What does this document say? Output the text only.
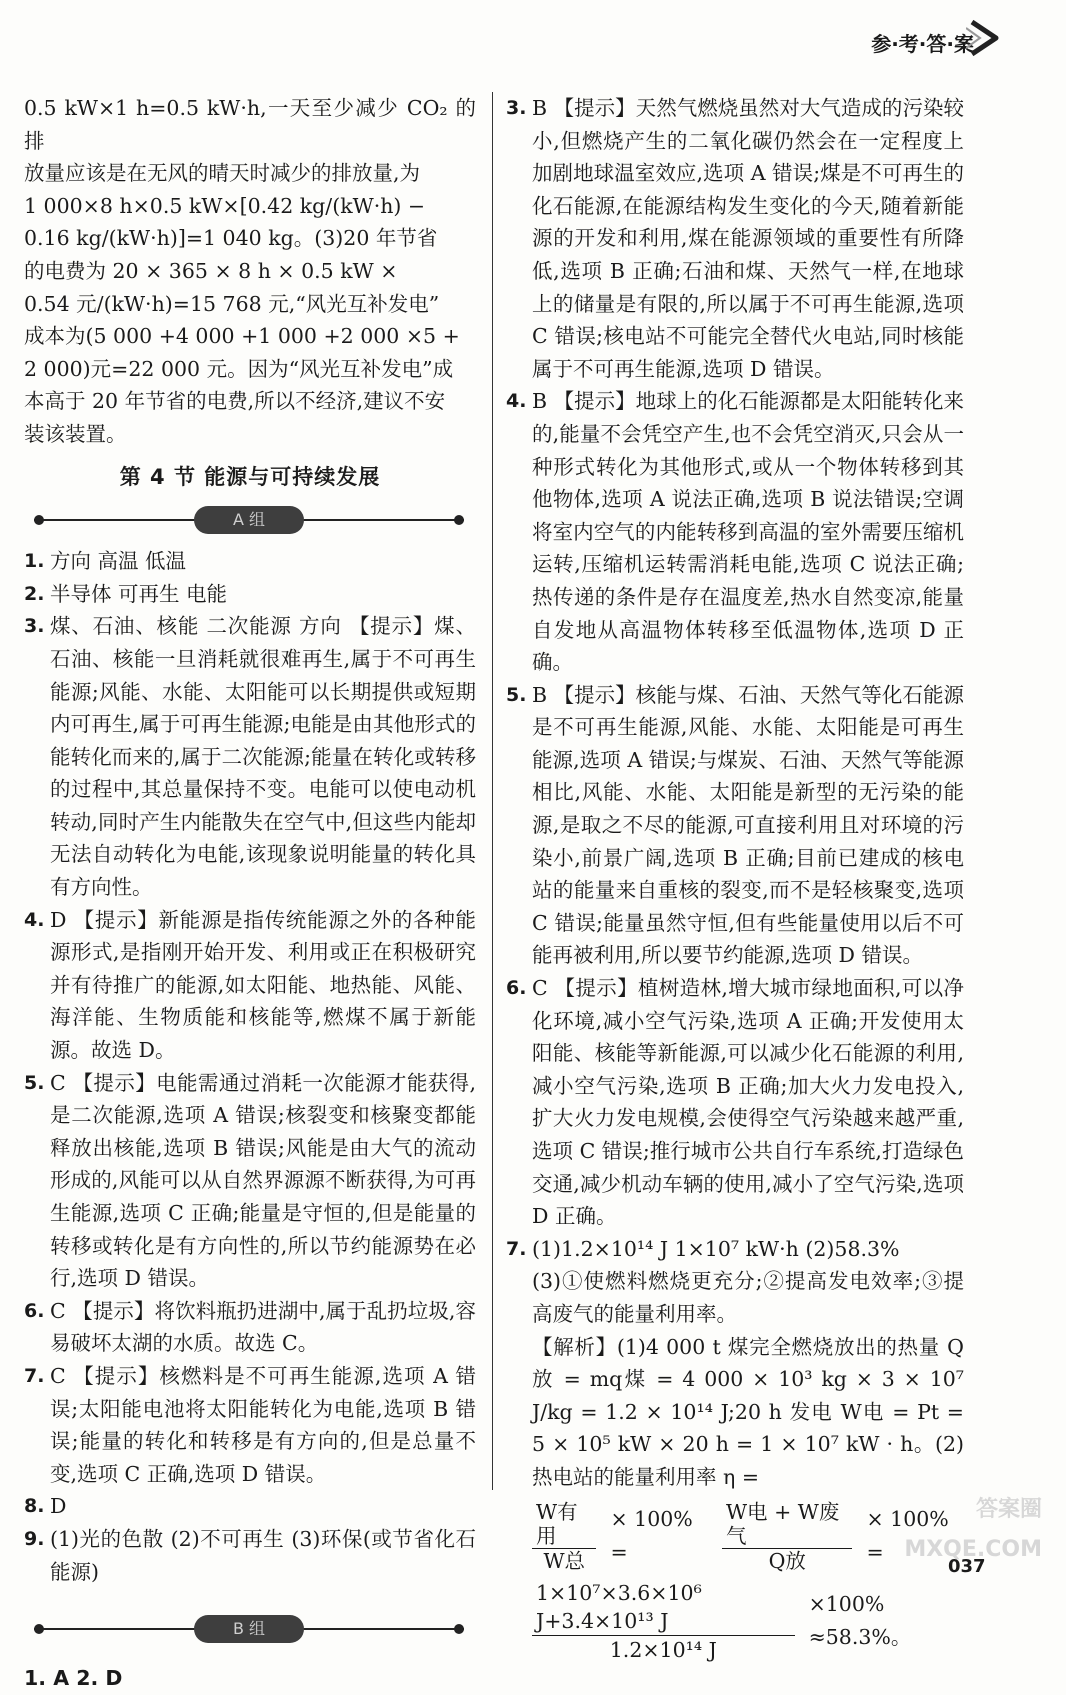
参·考·答·案

0.5 kW×1 h=0.5 kW·h,一天至少减少 CO₂ 的排

放量应该是在无风的晴天时减少的排放量,为

1 000×8 h×0.5 kW×[0.42 kg/(kW·h) −

0.16 kg/(kW·h)]=1 040 kg。(3)20 年节省

的电费为 20 × 365 × 8 h × 0.5 kW ×

0.54 元/(kW·h)=15 768 元,“风光互补发电”

成本为(5 000 +4 000 +1 000 +2 000 ×5 +

2 000)元=22 000 元。因为“风光互补发电”成

本高于 20 年节省的电费,所以不经济,建议不安

装该装置。

第 4 节 能源与可持续发展
A 组
1. 方向 高温 低温
2. 半导体 可再生 电能
3. 煤、石油、核能 二次能源 方向 【提示】煤、石油、核能一旦消耗就很难再生,属于不可再生能源;风能、水能、太阳能可以长期提供或短期内可再生,属于可再生能源;电能是由其他形式的能转化而来的,属于二次能源;能量在转化或转移的过程中,其总量保持不变。电能可以使电动机转动,同时产生内能散失在空气中,但这些内能却无法自动转化为电能,该现象说明能量的转化具有方向性。
4. D 【提示】新能源是指传统能源之外的各种能源形式,是指刚开始开发、利用或正在积极研究并有待推广的能源,如太阳能、地热能、风能、海洋能、生物质能和核能等,燃煤不属于新能源。故选 D。
5. C 【提示】电能需通过消耗一次能源才能获得,是二次能源,选项 A 错误;核裂变和核聚变都能释放出核能,选项 B 错误;风能是由大气的流动形成的,风能可以从自然界源源不断获得,为可再生能源,选项 C 正确;能量是守恒的,但是能量的转移或转化是有方向性的,所以节约能源势在必行,选项 D 错误。
6. C 【提示】将饮料瓶扔进湖中,属于乱扔垃圾,容易破坏太湖的水质。故选 C。
7. C 【提示】核燃料是不可再生能源,选项 A 错误;太阳能电池将太阳能转化为电能,选项 B 错误;能量的转化和转移是有方向的,但是总量不变,选项 C 正确,选项 D 错误。
8. D
9. (1)光的色散 (2)不可再生 (3)环保(或节省化石能源)
B 组

1. A 2. D

3. B 【提示】天然气燃烧虽然对大气造成的污染较小,但燃烧产生的二氧化碳仍然会在一定程度上加剧地球温室效应,选项 A 错误;煤是不可再生的化石能源,在能源结构发生变化的今天,随着新能源的开发和利用,煤在能源领域的重要性有所降低,选项 B 正确;石油和煤、天然气一样,在地球上的储量是有限的,所以属于不可再生能源,选项 C 错误;核电站不可能完全替代火电站,同时核能属于不可再生能源,选项 D 错误。
4. B 【提示】地球上的化石能源都是太阳能转化来的,能量不会凭空产生,也不会凭空消灭,只会从一种形式转化为其他形式,或从一个物体转移到其他物体,选项 A 说法正确,选项 B 说法错误;空调将室内空气的内能转移到高温的室外需要压缩机运转,压缩机运转需消耗电能,选项 C 说法正确;热传递的条件是存在温度差,热水自然变凉,能量自发地从高温物体转移至低温物体,选项 D 正确。
5. B 【提示】核能与煤、石油、天然气等化石能源是不可再生能源,风能、水能、太阳能是可再生能源,选项 A 错误;与煤炭、石油、天然气等能源相比,风能、水能、太阳能是新型的无污染的能源,是取之不尽的能源,可直接利用且对环境的污染小,前景广阔,选项 B 正确;目前已建成的核电站的能量来自重核的裂变,而不是轻核聚变,选项 C 错误;能量虽然守恒,但有些能量使用以后不可能再被利用,所以要节约能源,选项 D 错误。
6. C 【提示】植树造林,增大城市绿地面积,可以净化环境,减小空气污染,选项 A 正确;开发使用太阳能、核能等新能源,可以减少化石能源的利用,减小空气污染,选项 B 正确;加大火力发电投入,扩大火力发电规模,会使得空气污染越来越严重,选项 C 错误;推行城市公共自行车系统,打造绿色交通,减少机动车辆的使用,减小了空气污染,选项 D 正确。
7. (1)1.2×10¹⁴ J 1×10⁷ kW·h (2)58.3%

(3)①使燃料燃烧更充分;②提高发电效率;③提高废气的能量利用率。

【解析】(1)4 000 t 煤完全燃烧放出的热量 Q放 = mq煤 = 4 000 × 10³ kg × 3 × 10⁷ J/kg = 1.2 × 10¹⁴ J;20 h 发电 W电 = Pt = 5 × 10⁵ kW × 20 h = 1 × 10⁷ kW · h。(2)热电站的能量利用率 η =

$\frac{\text{W有用}}{\text{W总}} \times 100\%$ =	$\frac{\text{W电 + W废气}}{\text{Q放}} \times 100\%$ =
$\frac{\text{1×10⁷×3.6×10⁶ J+3.4×10¹³ J}}{\text{1.2×10¹⁴ J}} \times 100\% \approx 58.3\%$。
037
答案圈 MXQE.COM
